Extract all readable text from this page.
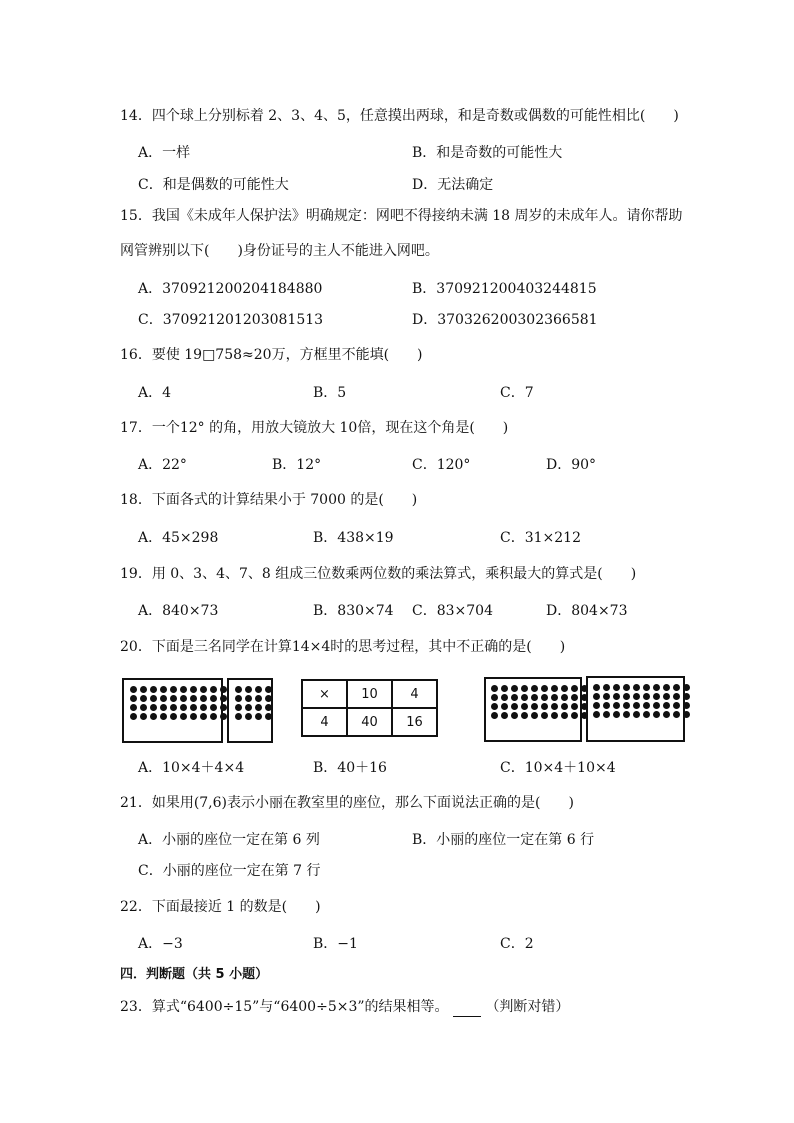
14．四个球上分别标着 2、3、4、5，任意摸出两球，和是奇数或偶数的可能性相比(　　)
A．一样	B．和是奇数的可能性大
C．和是偶数的可能性大	D．无法确定
15．我国《未成年人保护法》明确规定：网吧不得接纳未满 18 周岁的未成年人。请你帮助
网管辨别以下(　　)身份证号的主人不能进入网吧。
A．370921200204184880	B．370921200403244815
C．370921201203081513	D．370326200302366581
16．要使 19□758≈20万，方框里不能填(　　)
A．4	B．5	C．7
17．一个12° 的角，用放大镜放大 10倍，现在这个角是(　　)
A．22°	B．12°	C．120°	D．90°
18．下面各式的计算结果小于 7000 的是(　　)
A．45×298	B．438×19	C．31×212
19．用 0、3、4、7、8 组成三位数乘两位数的乘法算式，乘积最大的算式是(　　)
A．840×73	B．830×74 C．83×704	D．804×73
20．下面是三名同学在计算14×4时的思考过程，其中不正确的是(　　)
×	10	4
4	40	16
A．10×4＋4×4	B．40＋16	C．10×4＋10×4
21．如果用(7,6)表示小丽在教室里的座位，那么下面说法正确的是(　　)
A．小丽的座位一定在第 6 列	B．小丽的座位一定在第 6 行
C．小丽的座位一定在第 7 行
22．下面最接近 1 的数是(　　)
A．−3	B．−1	C．2
四．判断题（共 5 小题）
23．算式“6400÷15”与“6400÷5×3”的结果相等。	（判断对错）
